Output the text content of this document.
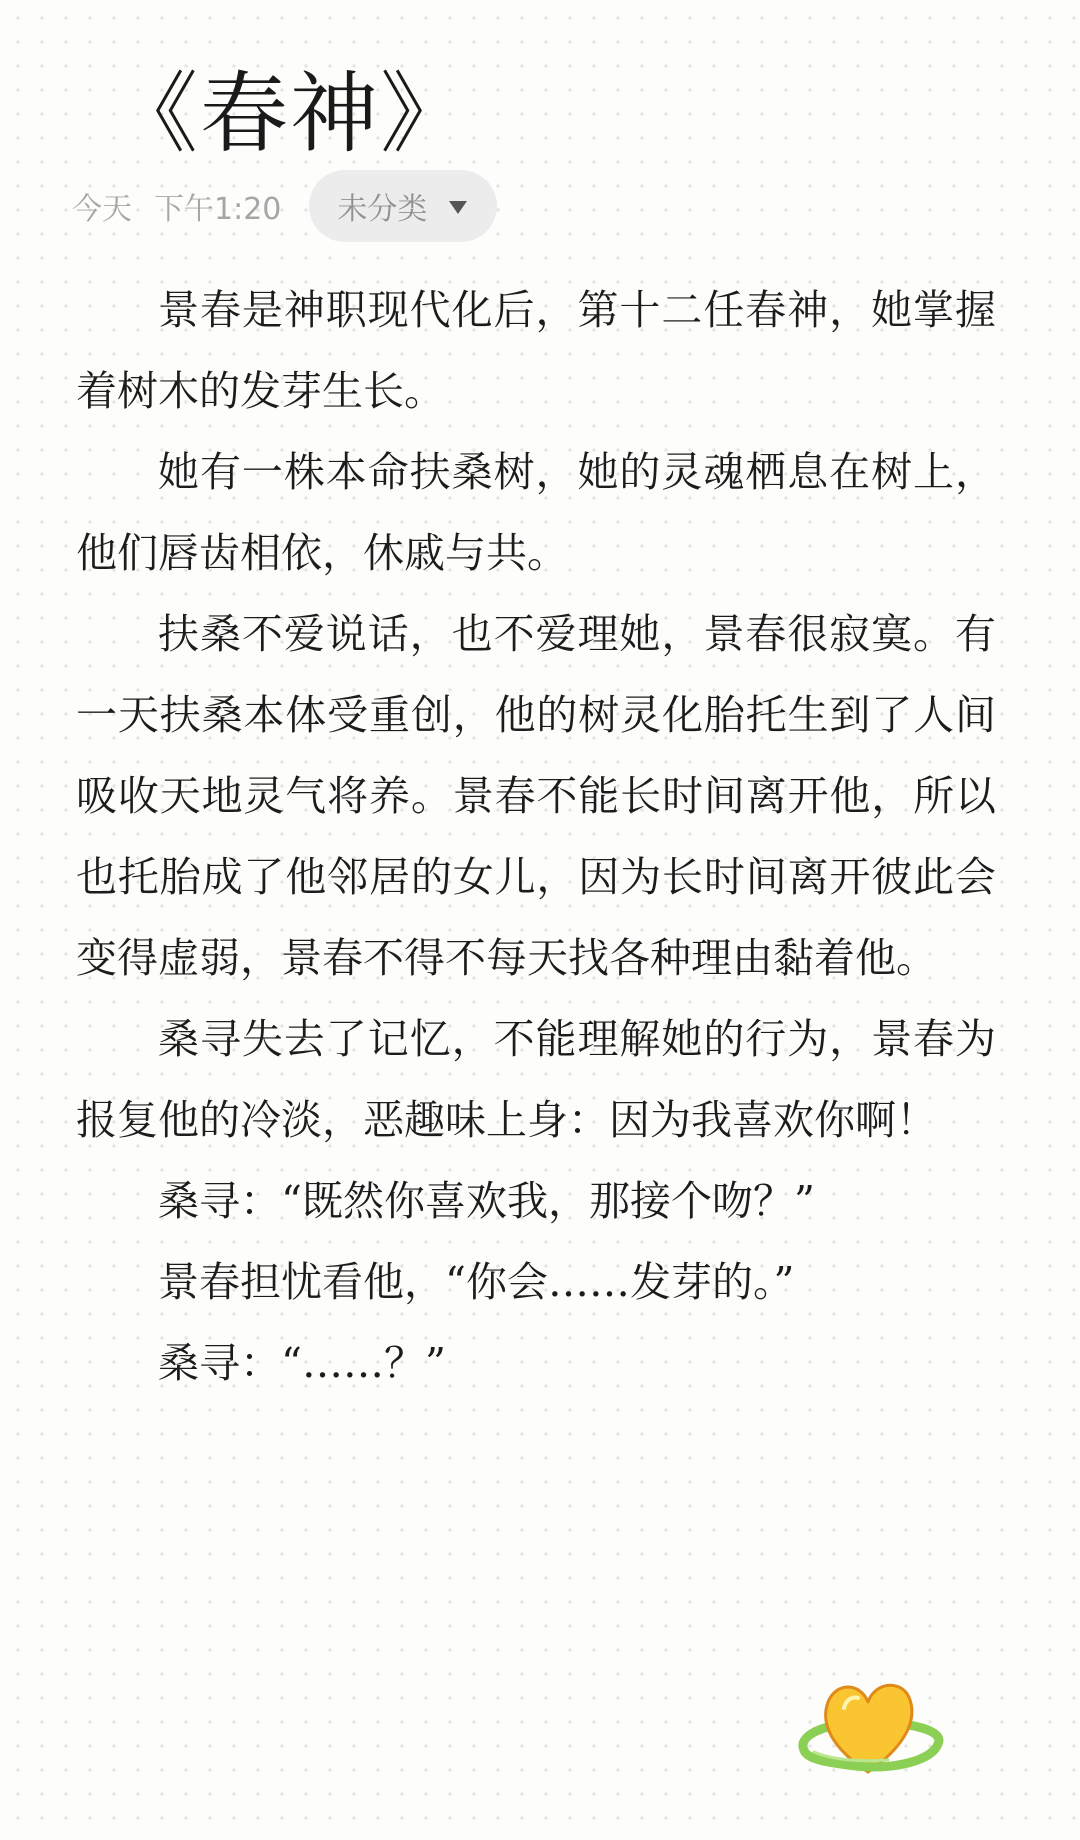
《春神》
今天 下午1:20 未分类

景春是神职现代化后，第十二任春神，她掌握着树木的发芽生长。

她有一株本命扶桑树，她的灵魂栖息在树上，他们唇齿相依，休戚与共。

扶桑不爱说话，也不爱理她，景春很寂寞。有一天扶桑本体受重创，他的树灵化胎托生到了人间吸收天地灵气将养。景春不能长时间离开他，所以也托胎成了他邻居的女儿，因为长时间离开彼此会变得虚弱，景春不得不每天找各种理由黏着他。

桑寻失去了记忆，不能理解她的行为，景春为报复他的冷淡，恶趣味上身：因为我喜欢你啊！

桑寻：“既然你喜欢我，那接个吻？”

景春担忧看他，“你会……发芽的。”

桑寻：“……？”
